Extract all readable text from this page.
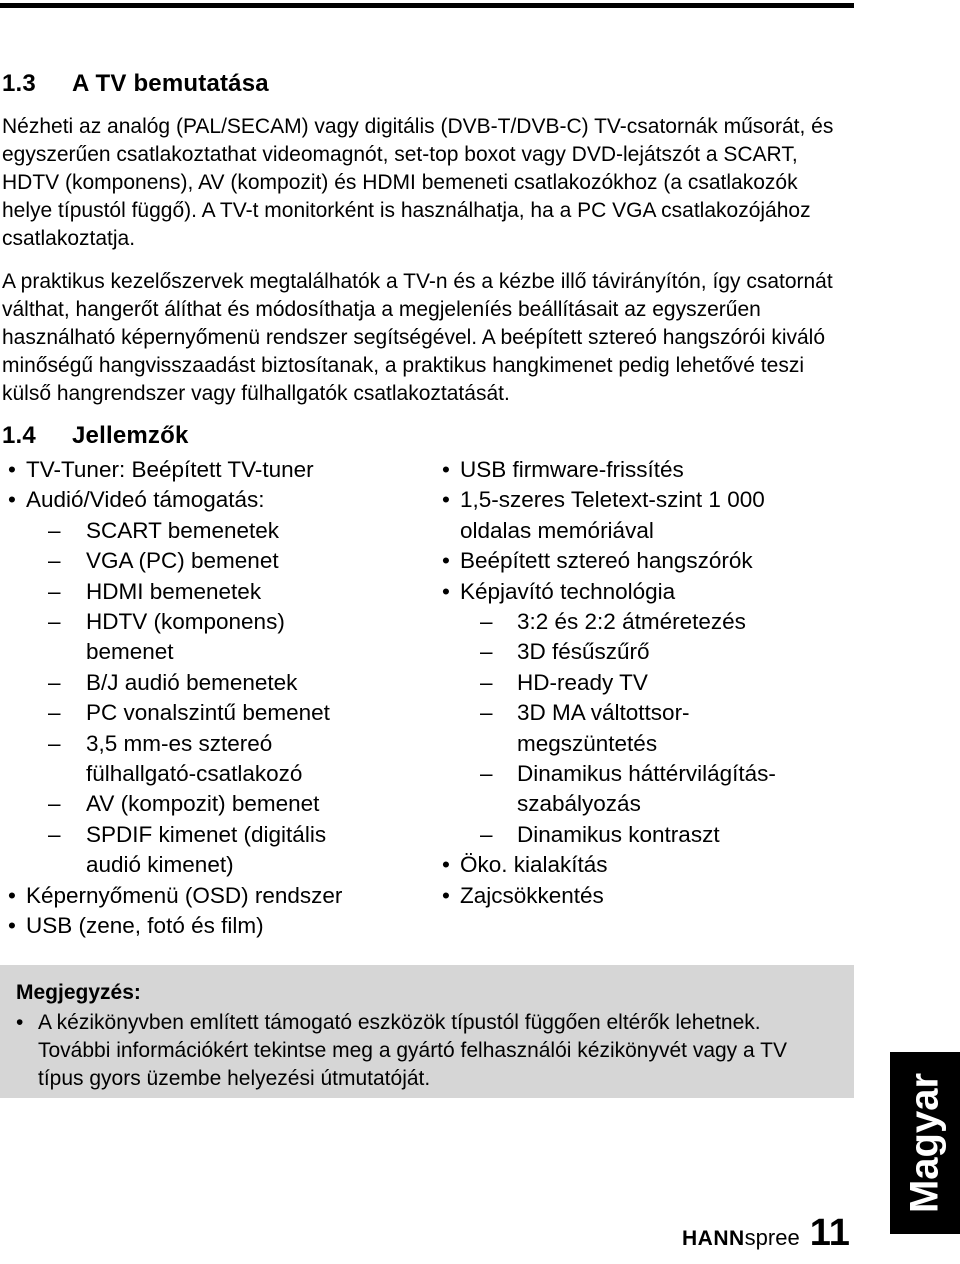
1.3 A TV bemutatása

Nézheti az analóg (PAL/SECAM) vagy digitális (DVB-T/DVB-C) TV-csatornák műsorát, és egyszerűen csatlakoztathat videomagnót, set-top boxot vagy DVD-lejátszót a SCART, HDTV (komponens), AV (kompozit) és HDMI bemeneti csatlakozókhoz (a csatlakozók helye típustól függő). A TV-t monitorként is használhatja, ha a PC VGA csatlakozójához csatlakoztatja.

A praktikus kezelőszervek megtalálhatók a TV-n és a kézbe illő távirányítón, így csatornát válthat, hangerőt álíthat és módosíthatja a megjeleníés beállításait az egyszerűen használható képernyőmenü rendszer segítségével. A beépített sztereó hangszórói kiváló minőségű hangvisszaadást biztosítanak, a praktikus hangkimenet pedig lehetővé teszi külső hangrendszer vagy fülhallgatók csatlakoztatását.

1.4 Jellemzők
• TV-Tuner: Beépített TV-tuner
• Audió/Videó támogatás:
– SCART bemenetek
– VGA (PC) bemenet
– HDMI bemenetek
– HDTV (komponens) bemenet
– B/J audió bemenetek
– PC vonalszintű bemenet
– 3,5 mm-es sztereó fülhallgató-csatlakozó
– AV (kompozit) bemenet
– SPDIF kimenet (digitális audió kimenet)
• Képernyőmenü (OSD) rendszer
• USB (zene, fotó és film)
• USB firmware-frissítés
• 1,5-szeres Teletext-szint 1 000 oldalas memóriával
• Beépített sztereó hangszórók
• Képjavító technológia
– 3:2 és 2:2 átméretezés
– 3D fésűszűrő
– HD-ready TV
– 3D MA váltottsor-megszüntetés
– Dinamikus háttérvilágítás-szabályozás
– Dinamikus kontraszt
• Öko. kialakítás
• Zajcsökkentés
Megjegyzés:
• A kézikönyvben említett támogató eszközök típustól függően eltérők lehetnek. További információkért tekintse meg a gyártó felhasználói kézikönyvét vagy a TV típus gyors üzembe helyezési útmutatóját.	Magyar
HANN spree 11
